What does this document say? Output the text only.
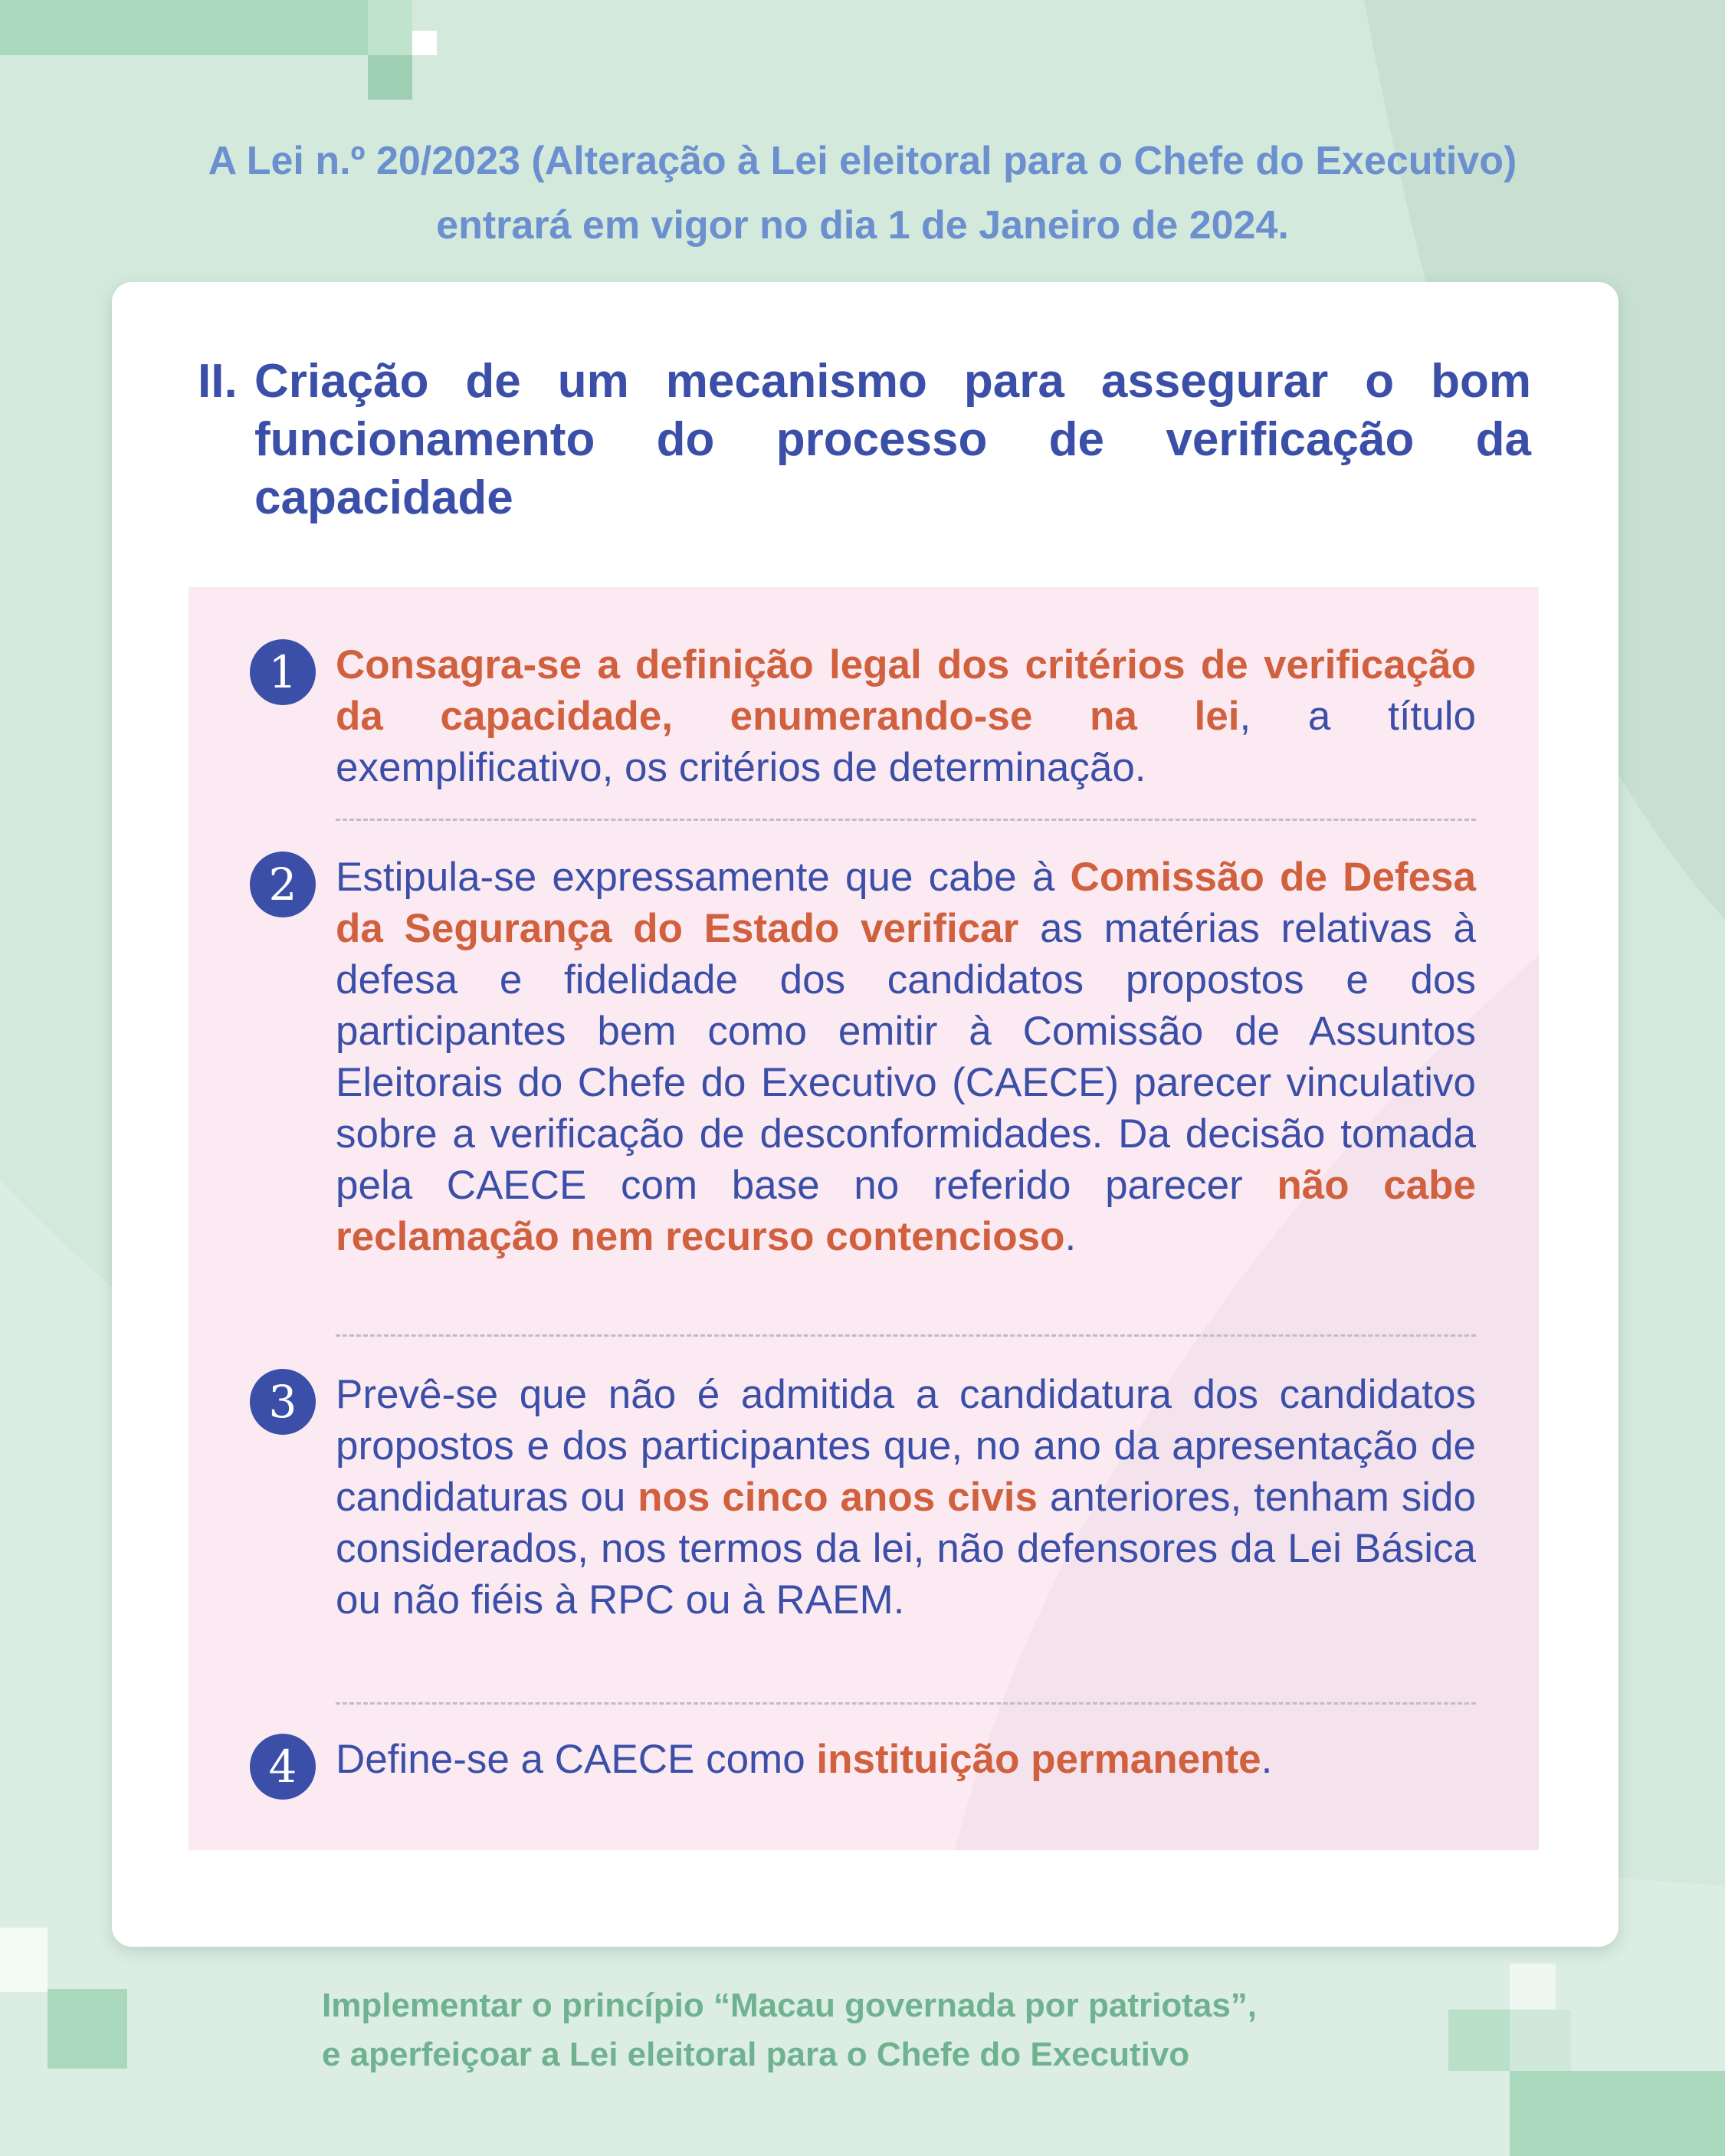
A Lei n.º 20/2023 (Alteração à Lei eleitoral para o Chefe do Executivo)
entrará em vigor no dia 1 de Janeiro de 2024.
II. Criação de um mecanismo para assegurar o bom funcionamento do processo de verificação da capacidade
1 Consagra-se a definição legal dos critérios de verificação da capacidade, enumerando-se na lei, a título exemplificativo, os critérios de determinação.
2 Estipula-se expressamente que cabe à Comissão de Defesa da Segurança do Estado verificar as matérias relativas à defesa e fidelidade dos candidatos propostos e dos participantes bem como emitir à Comissão de Assuntos Eleitorais do Chefe do Executivo (CAECE) parecer vinculativo sobre a verificação de desconformidades. Da decisão tomada pela CAECE com base no referido parecer não cabe reclamação nem recurso contencioso.
3 Prevê-se que não é admitida a candidatura dos candidatos propostos e dos participantes que, no ano da apresentação de candidaturas ou nos cinco anos civis anteriores, tenham sido considerados, nos termos da lei, não defensores da Lei Básica ou não fiéis à RPC ou à RAEM.
4 Define-se a CAECE como instituição permanente.
Implementar o princípio “Macau governada por patriotas”,
e aperfeiçoar a Lei eleitoral para o Chefe do Executivo
